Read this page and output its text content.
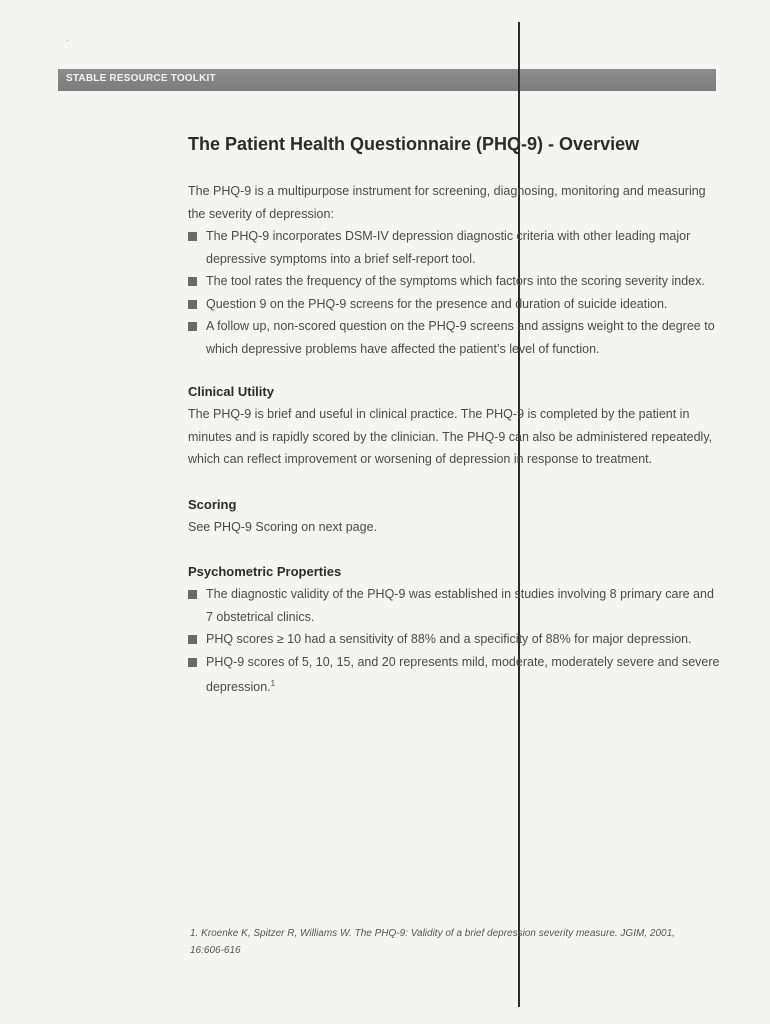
·
STABLE RESOURCE TOOLKIT
The Patient Health Questionnaire (PHQ-9) - Overview

The PHQ-9 is a multipurpose instrument for screening, diagnosing, monitoring and measuring the severity of depression:

The PHQ-9 incorporates DSM-IV depression diagnostic criteria with other leading major depressive symptoms into a brief self-report tool.
The tool rates the frequency of the symptoms which factors into the scoring severity index.
Question 9 on the PHQ-9 screens for the presence and duration of suicide ideation.
A follow up, non-scored question on the PHQ-9 screens and assigns weight to the degree to which depressive problems have affected the patient’s level of function.
Clinical Utility

The PHQ-9 is brief and useful in clinical practice. The PHQ-9 is completed by the patient in minutes and is rapidly scored by the clinician. The PHQ-9 can also be administered repeatedly, which can reflect improvement or worsening of depression in response to treatment.

Scoring

See PHQ-9 Scoring on next page.

Psychometric Properties
The diagnostic validity of the PHQ-9 was established in studies involving 8 primary care and 7 obstetrical clinics.
PHQ scores ≥ 10 had a sensitivity of 88% and a specificity of 88% for major depression.
PHQ-9 scores of 5, 10, 15, and 20 represents mild, moderate, moderately severe and severe depression.$^1$
1. Kroenke K, Spitzer R, Williams W. The PHQ-9: Validity of a brief depression severity measure. JGIM, 2001, 16:606-616
